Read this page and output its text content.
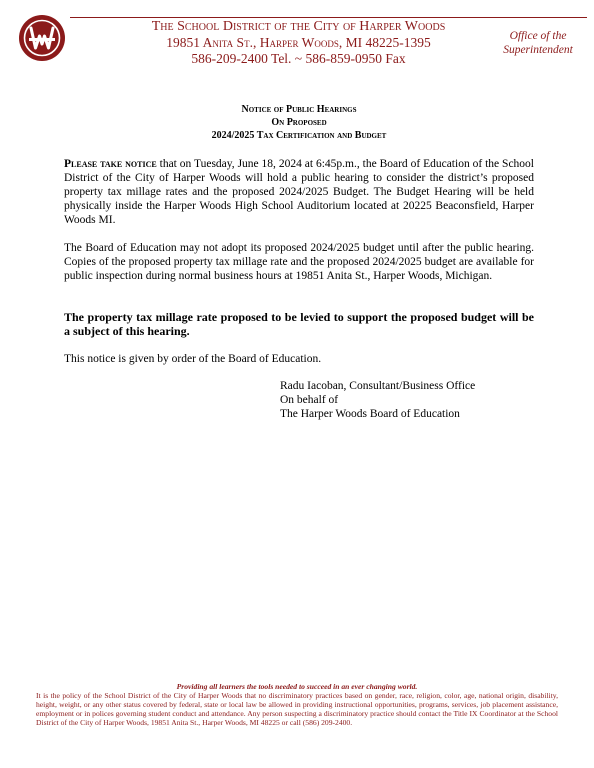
The School District of the City of Harper Woods
19851 Anita St., Harper Woods, MI 48225-1395
586-209-2400 Tel. ~ 586-859-0950 Fax
Office of the
Superintendent
Notice of Public Hearings
On Proposed
2024/2025 Tax Certification and Budget
Please take notice that on Tuesday, June 18, 2024 at 6:45p.m., the Board of Education of the School District of the City of Harper Woods will hold a public hearing to consider the district’s proposed property tax millage rates and the proposed 2024/2025 Budget. The Budget Hearing will be held physically inside the Harper Woods High School Auditorium located at 20225 Beaconsfield, Harper Woods MI.
The Board of Education may not adopt its proposed 2024/2025 budget until after the public hearing. Copies of the proposed property tax millage rate and the proposed 2024/2025 budget are available for public inspection during normal business hours at 19851 Anita St., Harper Woods, Michigan.
The property tax millage rate proposed to be levied to support the proposed budget will be a subject of this hearing.
This notice is given by order of the Board of Education.
Radu Iacoban, Consultant/Business Office
On behalf of
The Harper Woods Board of Education
Providing all learners the tools needed to succeed in an ever changing world.
It is the policy of the School District of the City of Harper Woods that no discriminatory practices based on gender, race, religion, color, age, national origin, disability, height, weight, or any other status covered by federal, state or local law be allowed in providing instructional opportunities, programs, services, job placement assistance, employment or in polices governing student conduct and attendance. Any person suspecting a discriminatory practice should contact the Title IX Coordinator at the School District of the City of Harper Woods, 19851 Anita St., Harper Woods, MI 48225 or call (586) 209-2400.
